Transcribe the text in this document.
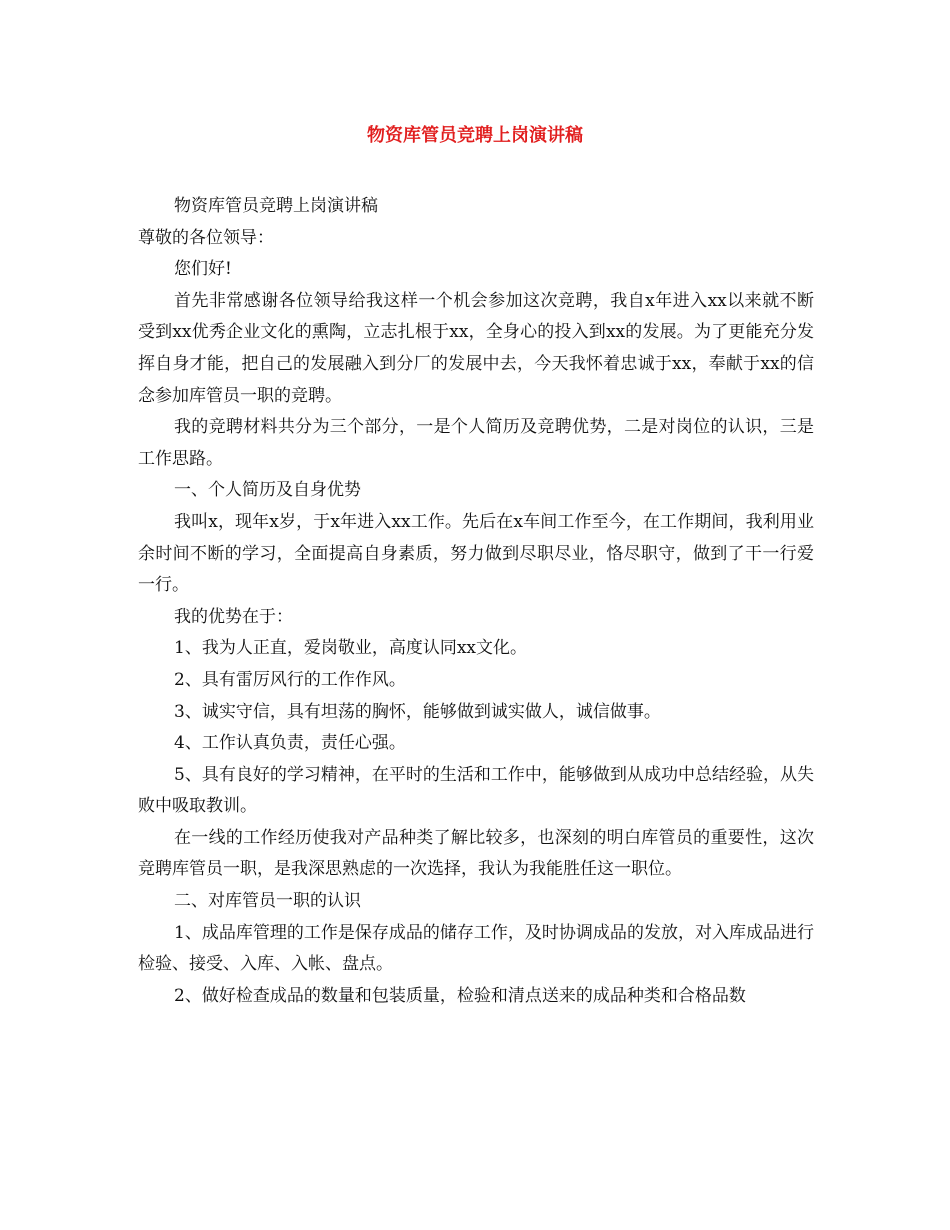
物资库管员竞聘上岗演讲稿

物资库管员竞聘上岗演讲稿

尊敬的各位领导：

您们好!

首先非常感谢各位领导给我这样一个机会参加这次竞聘，我自x年进入xx以来就不断受到xx优秀企业文化的熏陶，立志扎根于xx，全身心的投入到xx的发展。为了更能充分发挥自身才能，把自己的发展融入到分厂的发展中去，今天我怀着忠诚于xx，奉献于xx的信念参加库管员一职的竞聘。

我的竞聘材料共分为三个部分，一是个人简历及竞聘优势，二是对岗位的认识，三是工作思路。

一、个人简历及自身优势

我叫x，现年x岁，于x年进入xx工作。先后在x车间工作至今，在工作期间，我利用业余时间不断的学习，全面提高自身素质，努力做到尽职尽业，恪尽职守，做到了干一行爱一行。

我的优势在于：

1、我为人正直，爱岗敬业，高度认同xx文化。

2、具有雷厉风行的工作作风。

3、诚实守信，具有坦荡的胸怀，能够做到诚实做人，诚信做事。

4、工作认真负责，责任心强。

5、具有良好的学习精神，在平时的生活和工作中，能够做到从成功中总结经验，从失败中吸取教训。

在一线的工作经历使我对产品种类了解比较多，也深刻的明白库管员的重要性，这次竞聘库管员一职，是我深思熟虑的一次选择，我认为我能胜任这一职位。

二、对库管员一职的认识

1、成品库管理的工作是保存成品的储存工作，及时协调成品的发放，对入库成品进行检验、接受、入库、入帐、盘点。

2、做好检查成品的数量和包装质量，检验和清点送来的成品种类和合格品数
